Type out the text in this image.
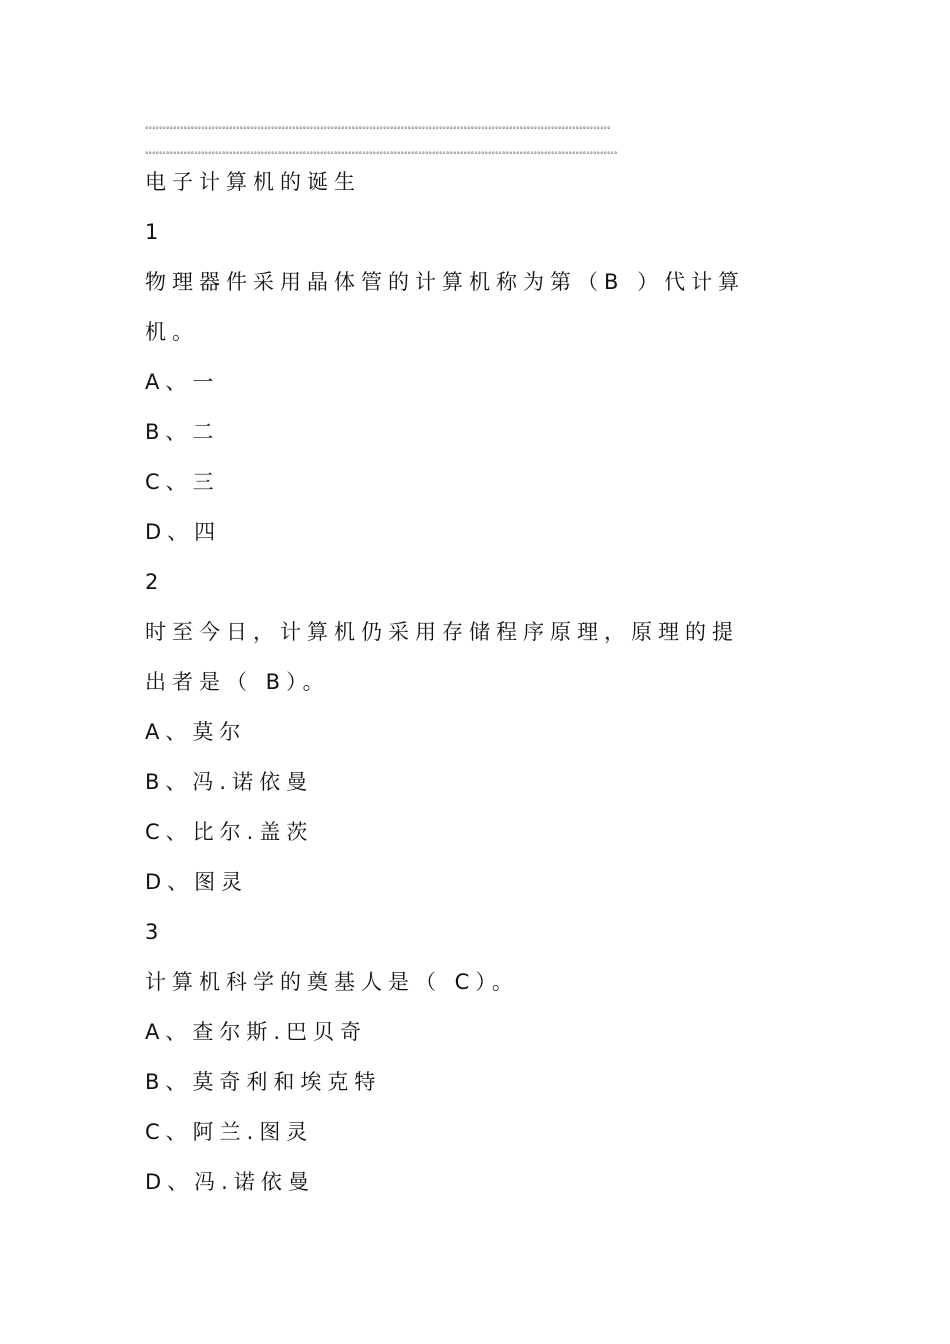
°°°°°°°°°°°°°°°°°°°°°°°°°°°°°°°°°°°°°°°°°°°°°°°°°°°°°°°°°°°°°°°°°°°°°°°°°°°°°°°°°°°°°°°°°°°°°°°°°°°°°°°°°°°°°°°°°°°°°°°°°°°°°°°°°°°°°
°°°°°°°°°°°°°°°°°°°°°°°°°°°°°°°°°°°°°°°°°°°°°°°°°°°°°°°°°°°°°°°°°°°°°°°°°°°°°°°°°°°°°°°°°°°°°°°°°°°°°°°°°°°°°°°°°°°°°°°°°°°°°°°°°°°°°°°
电子计算机的诞生
1
物理器件采用晶体管的计算机称为第（B ）代计算
机。
A、一
B、二
C、三
D、四
2
时至今日，计算机仍采用存储程序原理，原理的提
出者是（ B）。
A、莫尔
B、冯.诺依曼
C、比尔.盖茨
D、图灵
3
计算机科学的奠基人是（ C）。
A、查尔斯.巴贝奇
B、莫奇利和埃克特
C、阿兰.图灵
D、冯.诺依曼
